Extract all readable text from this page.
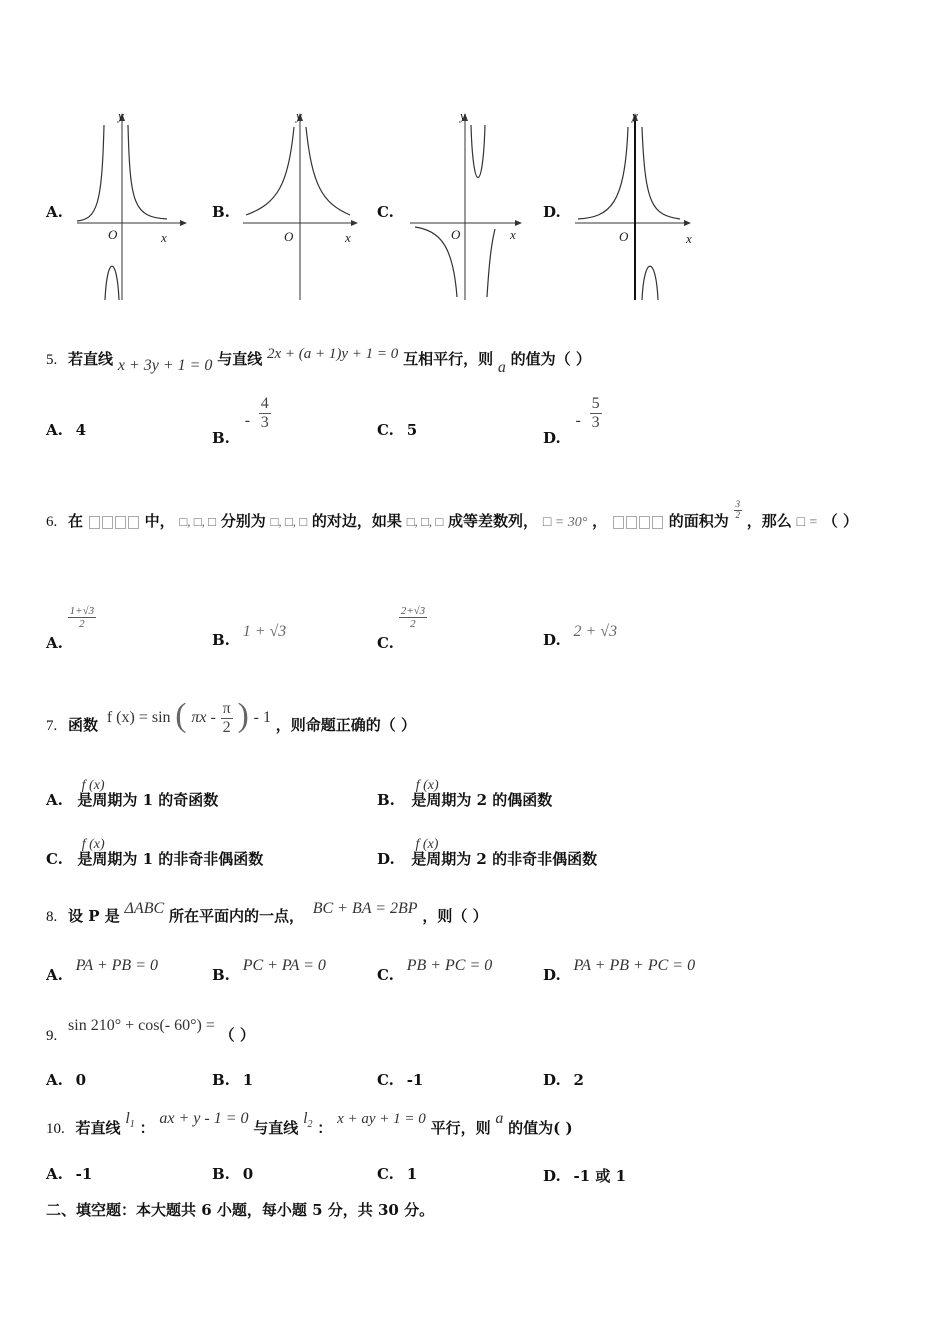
A.	B.	C.	D.
y
x
O
y
x
O
y
x
O
y
x
O
5. 若直线 x + 3y + 1 = 0 与直线 2x + (a + 1)y + 1 = 0 互相平行，则 a 的值为（ ）
A. 4	B. - $\frac{4}{3}$	C. 5	D. - $\frac{5}{3}$
6. 在	中， □, □, □ 分别为 □, □, □ 的对边，如果 □, □, □ 成等差数列， □ = 30° ，	的面积为
$\frac{3}{2}$
，那么 □ = （ ）
A.
$\frac{1+√3}{2}$
B. 1 + √3
C.
$\frac{2+√3}{2}$
D. 2 + √3
7. 函数 f (x) = sin ( πx - $\frac{\pi}{2}$ ) - 1 ，则命题正确的（ ）
A. f (x) 是周期为 1 的奇函数	B. f (x) 是周期为 2 的偶函数
C. f (x) 是周期为 1 的非奇非偶函数	D. f (x) 是周期为 2 的非奇非偶函数
8. 设 P 是 ΔABC 所在平面内的一点， BC + BA = 2BP ，则（ ）
A. PA + PB = 0
B. PC + PA = 0
C. PB + PC = 0
D. PA + PB + PC = 0
9. sin 210° + cos(- 60°) = （ ）
A. 0	B. 1	C. -1	D. 2
10. 若直线 $l_1$ ： ax + y - 1 = 0 与直线 $l_2$ ： x + ay + 1 = 0 平行，则 a 的值为( )
A. -1	B. 0	C. 1	D. -1 或 1
二、填空题：本大题共 6 小题，每小题 5 分，共 30 分。
